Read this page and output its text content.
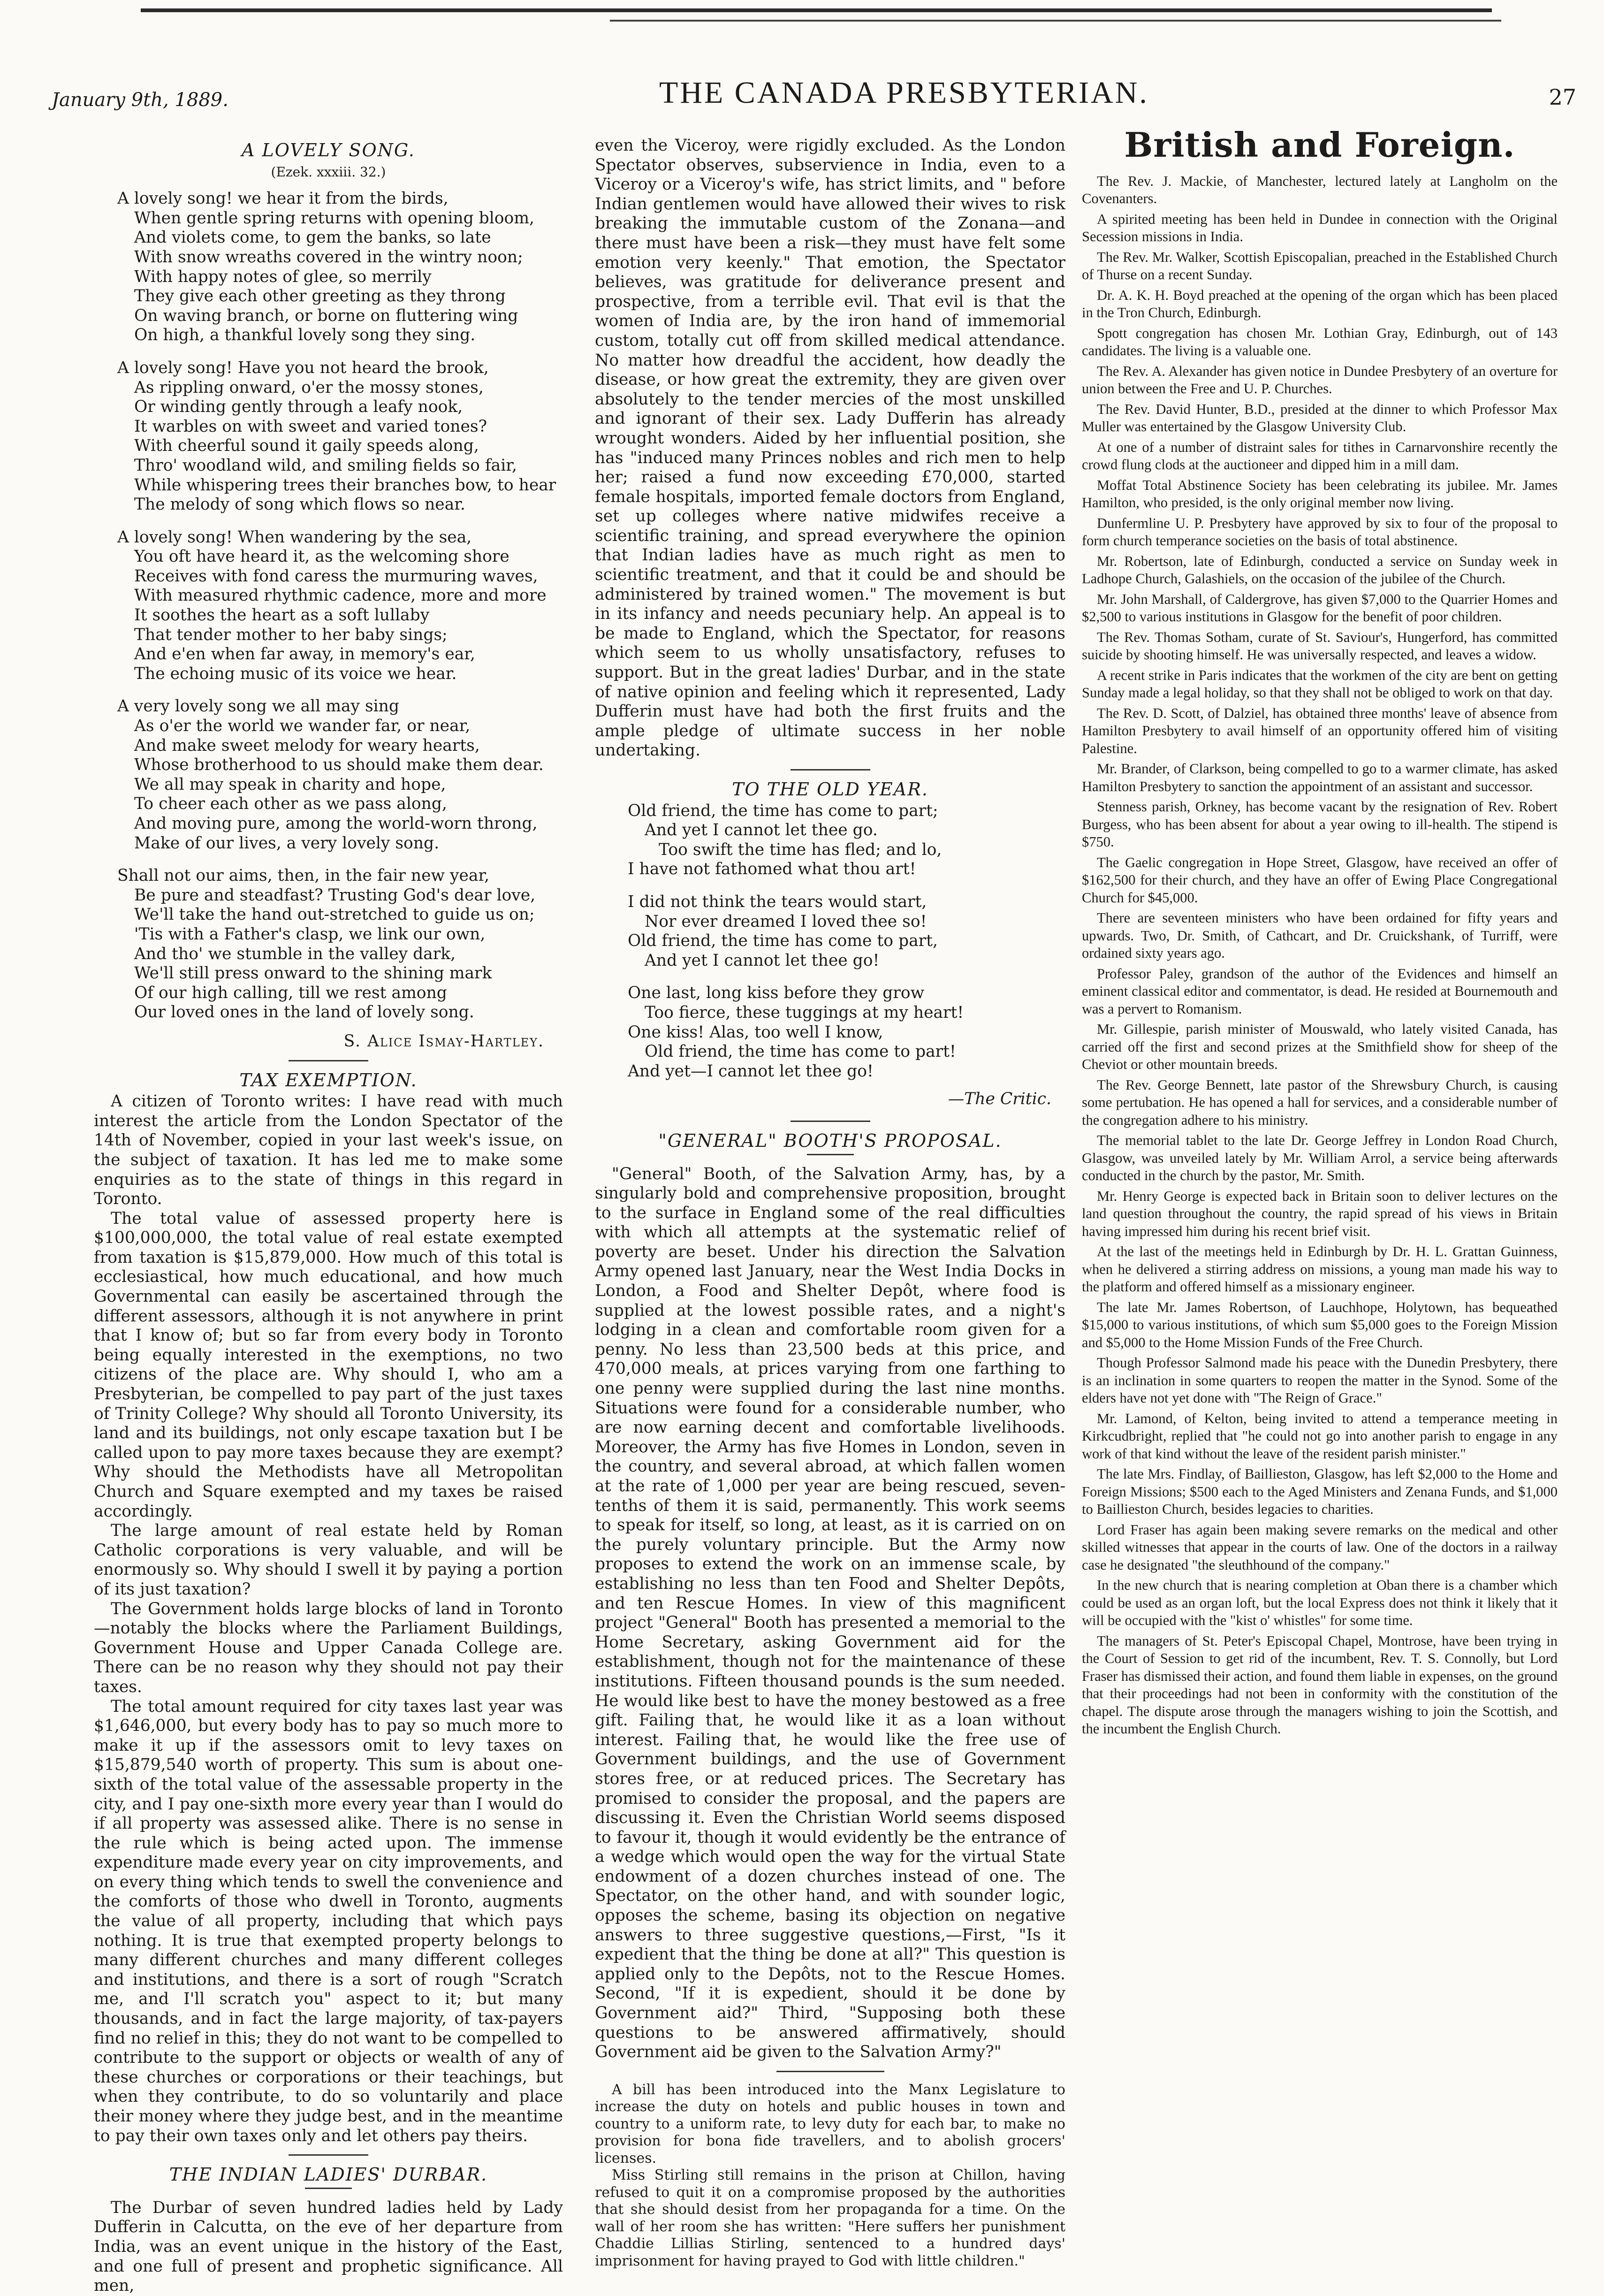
January 9th, 1889.	THE CANADA PRESBYTERIAN.	27
A LOVELY SONG.
(Ezek. xxxiii. 32.)
A lovely song! we hear it from the birds,
When gentle spring returns with opening bloom,
And violets come, to gem the banks, so late
With snow wreaths covered in the wintry noon;
With happy notes of glee, so merrily
They give each other greeting as they throng
On waving branch, or borne on fluttering wing
On high, a thankful lovely song they sing.
A lovely song! Have you not heard the brook,
As rippling onward, o'er the mossy stones,
Or winding gently through a leafy nook,
It warbles on with sweet and varied tones?
With cheerful sound it gaily speeds along,
Thro' woodland wild, and smiling fields so fair,
While whispering trees their branches bow, to hear
The melody of song which flows so near.
A lovely song! When wandering by the sea,
You oft have heard it, as the welcoming shore
Receives with fond caress the murmuring waves,
With measured rhythmic cadence, more and more
It soothes the heart as a soft lullaby
That tender mother to her baby sings;
And e'en when far away, in memory's ear,
The echoing music of its voice we hear.
A very lovely song we all may sing
As o'er the world we wander far, or near,
And make sweet melody for weary hearts,
Whose brotherhood to us should make them dear.
We all may speak in charity and hope,
To cheer each other as we pass along,
And moving pure, among the world-worn throng,
Make of our lives, a very lovely song.
Shall not our aims, then, in the fair new year,
Be pure and steadfast? Trusting God's dear love,
We'll take the hand out-stretched to guide us on;
'Tis with a Father's clasp, we link our own,
And tho' we stumble in the valley dark,
We'll still press onward to the shining mark
Of our high calling, till we rest among
Our loved ones in the land of lovely song.
S. Alice Ismay-Hartley.
TAX EXEMPTION.

A citizen of Toronto writes: I have read with much interest the article from the London Spectator of the 14th of November, copied in your last week's issue, on the subject of taxation. It has led me to make some enquiries as to the state of things in this regard in Toronto.

The total value of assessed property here is $100,000,000, the total value of real estate exempted from taxation is $15,879,000. How much of this total is ecclesiastical, how much educational, and how much Governmental can easily be ascertained through the different assessors, although it is not anywhere in print that I know of; but so far from every body in Toronto being equally interested in the exemptions, no two citizens of the place are. Why should I, who am a Presbyterian, be compelled to pay part of the just taxes of Trinity College? Why should all Toronto University, its land and its buildings, not only escape taxation but I be called upon to pay more taxes because they are exempt? Why should the Methodists have all Metropolitan Church and Square exempted and my taxes be raised accordingly.

The large amount of real estate held by Roman Catholic corporations is very valuable, and will be enormously so. Why should I swell it by paying a portion of its just taxation?

The Government holds large blocks of land in Toronto —notably the blocks where the Parliament Buildings, Government House and Upper Canada College are. There can be no reason why they should not pay their taxes.

The total amount required for city taxes last year was $1,646,000, but every body has to pay so much more to make it up if the assessors omit to levy taxes on $15,879,540 worth of property. This sum is about one-sixth of the total value of the assessable property in the city, and I pay one-sixth more every year than I would do if all property was assessed alike. There is no sense in the rule which is being acted upon. The immense expenditure made every year on city improvements, and on every thing which tends to swell the convenience and the comforts of those who dwell in Toronto, augments the value of all property, including that which pays nothing. It is true that exempted property belongs to many different churches and many different colleges and institutions, and there is a sort of rough "Scratch me, and I'll scratch you" aspect to it; but many thousands, and in fact the large majority, of tax-payers find no relief in this; they do not want to be compelled to contribute to the support or objects or wealth of any of these churches or corporations or their teachings, but when they contribute, to do so voluntarily and place their money where they judge best, and in the meantime to pay their own taxes only and let others pay theirs.

THE INDIAN LADIES' DURBAR.

The Durbar of seven hundred ladies held by Lady Dufferin in Calcutta, on the eve of her departure from India, was an event unique in the history of the East, and one full of present and prophetic significance. All men,

even the Viceroy, were rigidly excluded. As the London Spectator observes, subservience in India, even to a Viceroy or a Viceroy's wife, has strict limits, and " before Indian gentlemen would have allowed their wives to risk breaking the immutable custom of the Zonana—and there must have been a risk—they must have felt some emotion very keenly." That emotion, the Spectator believes, was gratitude for deliverance present and prospective, from a terrible evil. That evil is that the women of India are, by the iron hand of immemorial custom, totally cut off from skilled medical attendance. No matter how dreadful the accident, how deadly the disease, or how great the extremity, they are given over absolutely to the tender mercies of the most unskilled and ignorant of their sex. Lady Dufferin has already wrought wonders. Aided by her influential position, she has "induced many Princes nobles and rich men to help her; raised a fund now exceeding £70,000, started female hospitals, imported female doctors from England, set up colleges where native midwifes receive a scientific training, and spread everywhere the opinion that Indian ladies have as much right as men to scientific treatment, and that it could be and should be administered by trained women." The movement is but in its infancy and needs pecuniary help. An appeal is to be made to England, which the Spectator, for reasons which seem to us wholly unsatisfactory, refuses to support. But in the great ladies' Durbar, and in the state of native opinion and feeling which it represented, Lady Dufferin must have had both the first fruits and the ample pledge of ultimate success in her noble undertaking.

TO THE OLD YEAR.
Old friend, the time has come to part;
And yet I cannot let thee go.
Too swift the time has fled; and lo,
I have not fathomed what thou art!
I did not think the tears would start,
Nor ever dreamed I loved thee so!
Old friend, the time has come to part,
And yet I cannot let thee go!
One last, long kiss before they grow
Too fierce, these tuggings at my heart!
One kiss! Alas, too well I know,
Old friend, the time has come to part!
And yet—I cannot let thee go!
—The Critic.
"GENERAL" BOOTH'S PROPOSAL.

"General" Booth, of the Salvation Army, has, by a singularly bold and comprehensive proposition, brought to the surface in England some of the real difficulties with which all attempts at the systematic relief of poverty are beset. Under his direction the Salvation Army opened last January, near the West India Docks in London, a Food and Shelter Depôt, where food is supplied at the lowest possible rates, and a night's lodging in a clean and comfortable room given for a penny. No less than 23,500 beds at this price, and 470,000 meals, at prices varying from one farthing to one penny were supplied during the last nine months. Situations were found for a considerable number, who are now earning decent and comfortable livelihoods. Moreover, the Army has five Homes in London, seven in the country, and several abroad, at which fallen women at the rate of 1,000 per year are being rescued, seven-tenths of them it is said, permanently. This work seems to speak for itself, so long, at least, as it is carried on on the purely voluntary principle. But the Army now proposes to extend the work on an immense scale, by establishing no less than ten Food and Shelter Depôts, and ten Rescue Homes. In view of this magnificent project "General" Booth has presented a memorial to the Home Secretary, asking Government aid for the establishment, though not for the maintenance of these institutions. Fifteen thousand pounds is the sum needed. He would like best to have the money bestowed as a free gift. Failing that, he would like it as a loan without interest. Failing that, he would like the free use of Government buildings, and the use of Government stores free, or at reduced prices. The Secretary has promised to consider the proposal, and the papers are discussing it. Even the Christian World seems disposed to favour it, though it would evidently be the entrance of a wedge which would open the way for the virtual State endowment of a dozen churches instead of one. The Spectator, on the other hand, and with sounder logic, opposes the scheme, basing its objection on negative answers to three suggestive questions,—First, "Is it expedient that the thing be done at all?" This question is applied only to the Depôts, not to the Rescue Homes. Second, "If it is expedient, should it be done by Government aid?" Third, "Supposing both these questions to be answered affirmatively, should Government aid be given to the Salvation Army?"

A bill has been introduced into the Manx Legislature to increase the duty on hotels and public houses in town and country to a uniform rate, to levy duty for each bar, to make no provision for bona fide travellers, and to abolish grocers' licenses.

Miss Stirling still remains in the prison at Chillon, having refused to quit it on a compromise proposed by the authorities that she should desist from her propaganda for a time. On the wall of her room she has written: "Here suffers her punishment Chaddie Lillias Stirling, sentenced to a hundred days' imprisonment for having prayed to God with little children."

British and Foreign.

The Rev. J. Mackie, of Manchester, lectured lately at Langholm on the Covenanters.

A spirited meeting has been held in Dundee in connection with the Original Secession missions in India.

The Rev. Mr. Walker, Scottish Episcopalian, preached in the Established Church of Thurse on a recent Sunday.

Dr. A. K. H. Boyd preached at the opening of the organ which has been placed in the Tron Church, Edinburgh.

Spott congregation has chosen Mr. Lothian Gray, Edinburgh, out of 143 candidates. The living is a valuable one.

The Rev. A. Alexander has given notice in Dundee Presbytery of an overture for union between the Free and U. P. Churches.

The Rev. David Hunter, B.D., presided at the dinner to which Professor Max Muller was entertained by the Glasgow University Club.

At one of a number of distraint sales for tithes in Carnarvonshire recently the crowd flung clods at the auctioneer and dipped him in a mill dam.

Moffat Total Abstinence Society has been celebrating its jubilee. Mr. James Hamilton, who presided, is the only original member now living.

Dunfermline U. P. Presbytery have approved by six to four of the proposal to form church temperance societies on the basis of total abstinence.

Mr. Robertson, late of Edinburgh, conducted a service on Sunday week in Ladhope Church, Galashiels, on the occasion of the jubilee of the Church.

Mr. John Marshall, of Caldergrove, has given $7,000 to the Quarrier Homes and $2,500 to various institutions in Glasgow for the benefit of poor children.

The Rev. Thomas Sotham, curate of St. Saviour's, Hungerford, has committed suicide by shooting himself. He was universally respected, and leaves a widow.

A recent strike in Paris indicates that the workmen of the city are bent on getting Sunday made a legal holiday, so that they shall not be obliged to work on that day.

The Rev. D. Scott, of Dalziel, has obtained three months' leave of absence from Hamilton Presbytery to avail himself of an opportunity offered him of visiting Palestine.

Mr. Brander, of Clarkson, being compelled to go to a warmer climate, has asked Hamilton Presbytery to sanction the appointment of an assistant and successor.

Stenness parish, Orkney, has become vacant by the resignation of Rev. Robert Burgess, who has been absent for about a year owing to ill-health. The stipend is $750.

The Gaelic congregation in Hope Street, Glasgow, have received an offer of $162,500 for their church, and they have an offer of Ewing Place Congregational Church for $45,000.

There are seventeen ministers who have been ordained for fifty years and upwards. Two, Dr. Smith, of Cathcart, and Dr. Cruickshank, of Turriff, were ordained sixty years ago.

Professor Paley, grandson of the author of the Evidences and himself an eminent classical editor and commentator, is dead. He resided at Bournemouth and was a pervert to Romanism.

Mr. Gillespie, parish minister of Mouswald, who lately visited Canada, has carried off the first and second prizes at the Smithfield show for sheep of the Cheviot or other mountain breeds.

The Rev. George Bennett, late pastor of the Shrewsbury Church, is causing some pertubation. He has opened a hall for services, and a considerable number of the congregation adhere to his ministry.

The memorial tablet to the late Dr. George Jeffrey in London Road Church, Glasgow, was unveiled lately by Mr. William Arrol, a service being afterwards conducted in the church by the pastor, Mr. Smith.

Mr. Henry George is expected back in Britain soon to deliver lectures on the land question throughout the country, the rapid spread of his views in Britain having impressed him during his recent brief visit.

At the last of the meetings held in Edinburgh by Dr. H. L. Grattan Guinness, when he delivered a stirring address on missions, a young man made his way to the platform and offered himself as a missionary engineer.

The late Mr. James Robertson, of Lauchhope, Holytown, has bequeathed $15,000 to various institutions, of which sum $5,000 goes to the Foreign Mission and $5,000 to the Home Mission Funds of the Free Church.

Though Professor Salmond made his peace with the Dunedin Presbytery, there is an inclination in some quarters to reopen the matter in the Synod. Some of the elders have not yet done with "The Reign of Grace."

Mr. Lamond, of Kelton, being invited to attend a temperance meeting in Kirkcudbright, replied that "he could not go into another parish to engage in any work of that kind without the leave of the resident parish minister."

The late Mrs. Findlay, of Baillieston, Glasgow, has left $2,000 to the Home and Foreign Missions; $500 each to the Aged Ministers and Zenana Funds, and $1,000 to Baillieston Church, besides legacies to charities.

Lord Fraser has again been making severe remarks on the medical and other skilled witnesses that appear in the courts of law. One of the doctors in a railway case he designated "the sleuthhound of the company."

In the new church that is nearing completion at Oban there is a chamber which could be used as an organ loft, but the local Express does not think it likely that it will be occupied with the "kist o' whistles" for some time.

The managers of St. Peter's Episcopal Chapel, Montrose, have been trying in the Court of Session to get rid of the incumbent, Rev. T. S. Connolly, but Lord Fraser has dismissed their action, and found them liable in expenses, on the ground that their proceedings had not been in conformity with the constitution of the chapel. The dispute arose through the managers wishing to join the Scottish, and the incumbent the English Church.
